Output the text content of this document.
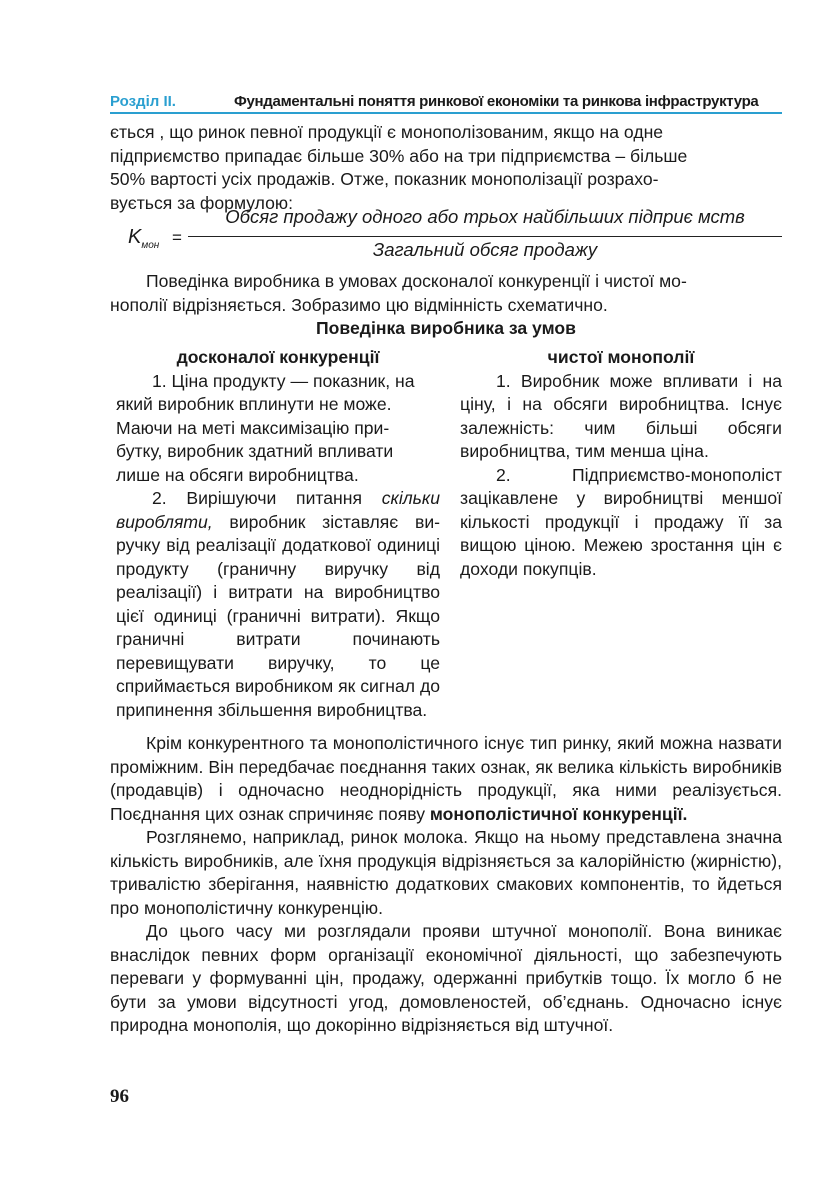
Розділ ІІ.	Фундаментальні поняття ринкової економіки та ринкова інфраструктура

ється , що ринок певної продукції є монополізованим, якщо на одне

підприємство припадає більше 30% або на три підприємства – більше

50% вартості усіх продажів. Отже, показник монополізації розрахо-

вується за формулою:

$K_{мон}$ =
Обсяг продажу одного або трьох найбільших підприє мств
Загальний обсяг продажу

Поведінка виробника в умовах досконалої конкуренції і чистої мо-

нополії відрізняється. Зобразимо цю відмінність схематично.

Поведінка виробника за умов

досконалої конкуренції

1. Ціна продукту — показник, на
який виробник вплинути не може.
Маючи на меті максимізацію при-
бутку, виробник здатний впливати
лише на обсяги виробництва.

2. Вирішуючи питання скільки виробляти, виробник зіставляє ви-ручку від реалізації додаткової одиниці продукту (граничну виручку від реалізації) і витрати на виробництво цієї одиниці (граничні витрати). Якщо граничні витрати починають перевищувати виручку, то це сприймається виробником як сигнал до припинення збільшення виробництва.

чистої монополії

1. Виробник може впливати і на ціну, і на обсяги виробництва. Існує залежність: чим більші обсяги виробництва, тим менша ціна.

2. Підприємство-монополіст зацікавлене у виробництві меншої кількості продукції і продажу її за вищою ціною. Межею зростання цін є доходи покупців.

Крім конкурентного та монополістичного існує тип ринку, який можна назвати проміжним. Він передбачає поєднання таких ознак, як велика кількість виробників (продавців) і одночасно неоднорідність продукції, яка ними реалізується. Поєднання цих ознак спричиняє появу монополістичної конкуренції.

Розглянемо, наприклад, ринок молока. Якщо на ньому представлена значна кількість виробників, але їхня продукція відрізняється за калорійністю (жирністю), тривалістю зберігання, наявністю додаткових смакових компонентів, то йдеться про монополістичну конкуренцію.

До цього часу ми розглядали прояви штучної монополії. Вона виникає внаслідок певних форм організації економічної діяльності, що забезпечують переваги у формуванні цін, продажу, одержанні прибутків тощо. Їх могло б не бути за умови відсутності угод, домовленостей, об’єднань. Одночасно існує природна монополія, що докорінно відрізняється від штучної.

96
